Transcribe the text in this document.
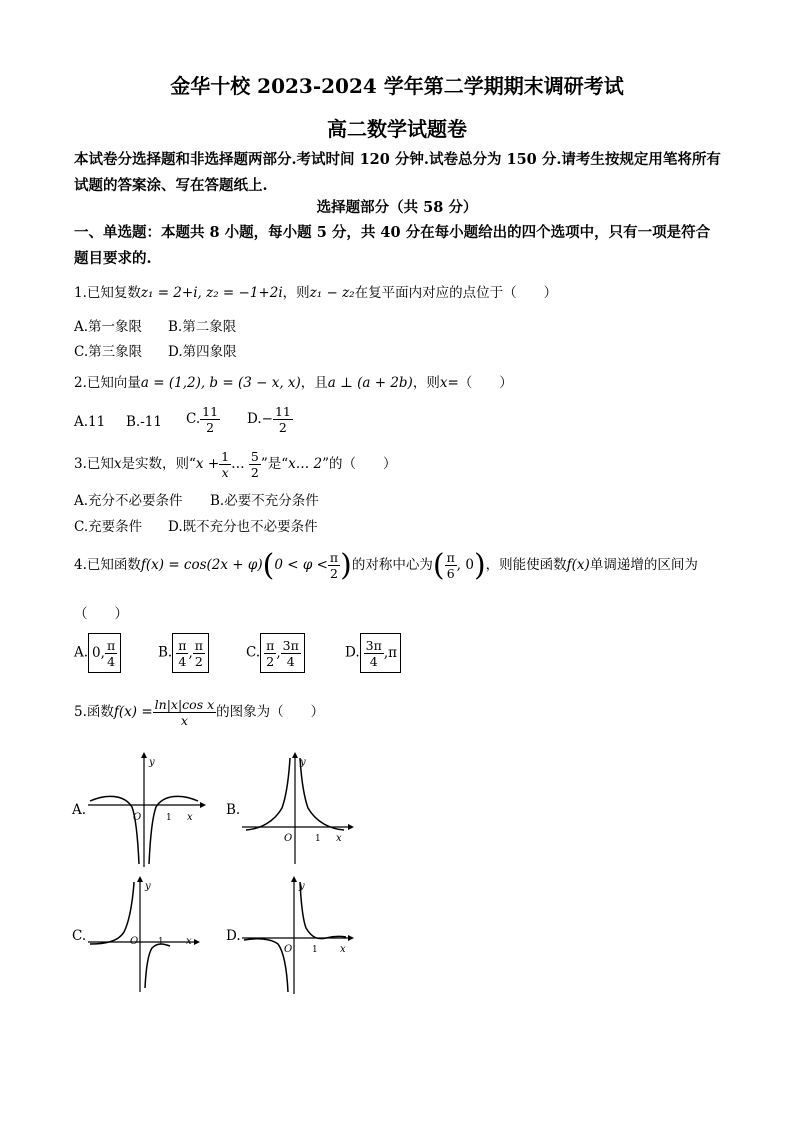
金华十校 2023-2024 学年第二学期期末调研考试
高二数学试题卷
本试卷分选择题和非选择题两部分.考试时间 120 分钟.试卷总分为 150 分.请考生按规定用笔将所有试题的答案涂、写在答题纸上.
选择题部分（共 58 分）
一、单选题：本题共 8 小题，每小题 5 分，共 40 分在每小题给出的四个选项中，只有一项是符合题目要求的.
1.已知复数z₁ = 2+i, z₂ = −1+2i，则z₁ − z₂在复平面内对应的点位于（　　）
A.第一象限 B.第二象限
C.第三象限 D.第四象限
2.已知向量a = (1,2), b = (3 − x, x)，且a ⊥ (a + 2b)，则x=（　　）
A.11 B.-11 C. $\frac{11}{2} D.- \frac{11}{2}$
3.已知x是实数，则“$x + \frac{1}{x}$ … $\frac{5}{2}$ ”是“x… 2”的（　　）
A.充分不必要条件 B.必要不充分条件
C.充要条件 D.既不充分也不必要条件
4.已知函数$f(x) = \cos(2x + \varphi)(0 < \varphi < \frac{\pi}{2}$ )的对称中心为( $\frac{\pi}{6}$ , 0)，则能使函数f(x)单调递增的区间为
（　　）
A. 0, $\frac{\pi}{4}$	B. $\frac{\pi}{4}$ , $\frac{\pi}{2}$	C. $\frac{\pi}{2}$ , $\frac{3\pi}{4}$	D. $\frac{3\pi}{4} ,\pi$
5.函数$f(x) = \frac{\text{ln|x|cos x}}{x}$ 的图象为（　　）
A.
y
x
O	1	B.
y
x
O	1
C.
y
x
O 1	D.
y
x
O 1
